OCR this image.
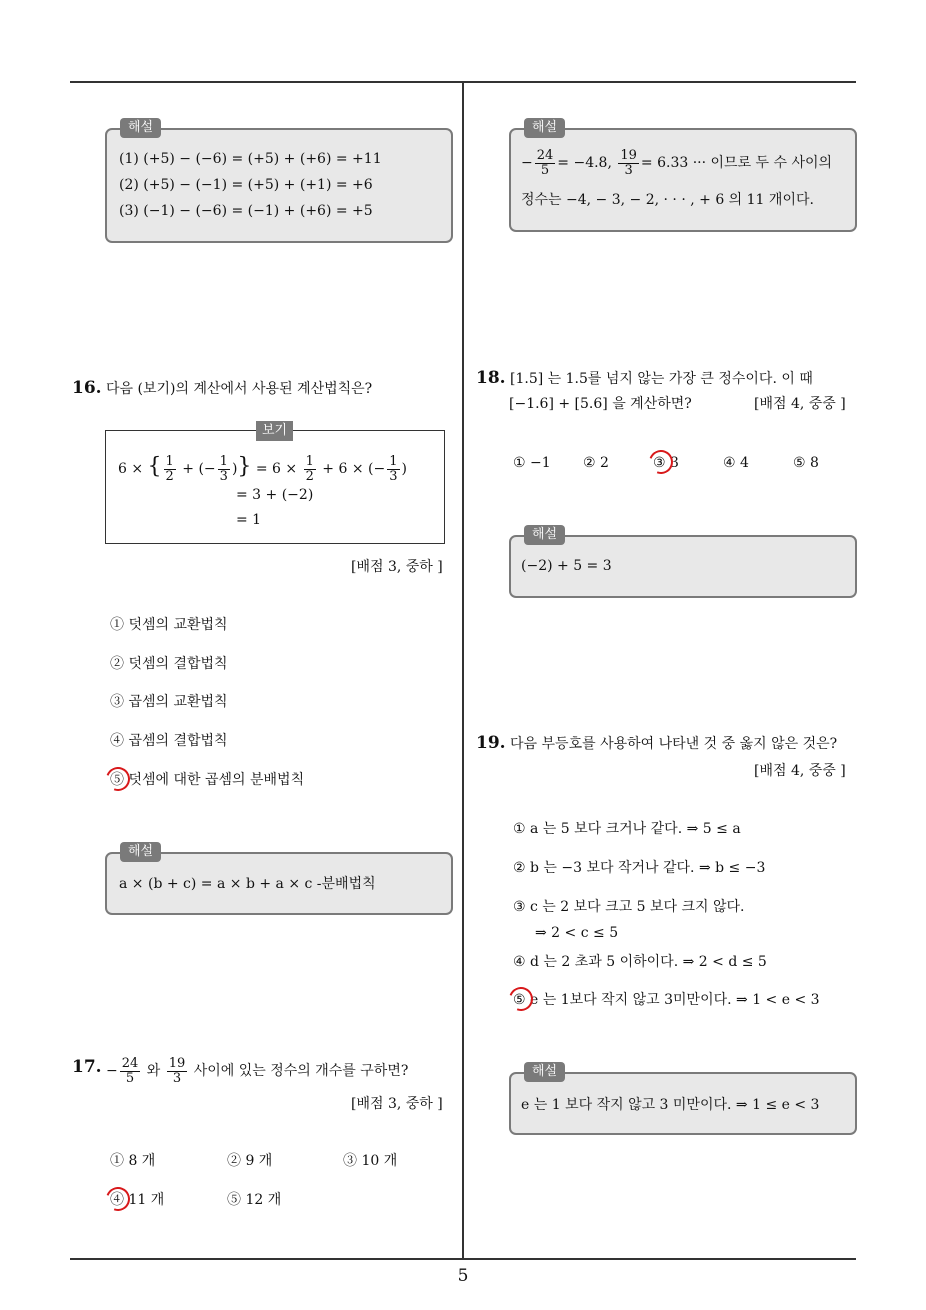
해설
(1) (+5) − (−6) = (+5) + (+6) = +11
(2) (+5) − (−1) = (+5) + (+1) = +6
(3) (−1) − (−6) = (−1) + (+6) = +5
16. 다음 (보기)의 계산에서 사용된 계산법칙은?
보기
6 × { $\frac{1}{2}$ + (− $\frac{1}{3}$ )} = $6 \times \frac{1}{2} + 6$ × (− $\frac{1}{3}$ )
= 3 + (−2)
= 1
[배점 3, 중하 ]
① 덧셈의 교환법칙
② 덧셈의 결합법칙
③ 곱셈의 교환법칙
④ 곱셈의 결합법칙
⑤ 덧셈에 대한 곱셈의 분배법칙
해설
a × (b + c) = a × b + a × c -분배법칙
17. − $\frac{24}{5}$ 와 $\frac{19}{3}$ 사이에 있는 정수의 개수를 구하면?
[배점 3, 중하 ]
① 8 개	② 9 개	③ 10 개
④ 11 개	⑤ 12 개
해설
− $\frac{24}{5} = -4.8$, $\frac{19}{3} = 6.33$ ··· 이므로 두 수 사이의
정수는 −4, − 3, − 2, · · · , + 6 의 11 개이다.
18. [1.5] 는 1.5를 넘지 않는 가장 큰 정수이다. 이 때
[−1.6] + [5.6] 을 계산하면?	[배점 4, 중중 ]
① −1 ② 2	③ 3	④ 4	⑤ 8
해설
(−2) + 5 = 3
19. 다음 부등호를 사용하여 나타낸 것 중 옳지 않은 것은?
[배점 4, 중중 ]
① a 는 5 보다 크거나 같다. ⇒ 5 ≤ a
② b 는 −3 보다 작거나 같다. ⇒ b ≤ −3
③ c 는 2 보다 크고 5 보다 크지 않다.
⇒ 2 < c ≤ 5
④ d 는 2 초과 5 이하이다. ⇒ 2 < d ≤ 5
⑤ e 는 1보다 작지 않고 3미만이다. ⇒ 1 < e < 3
해설
e 는 1 보다 작지 않고 3 미만이다. ⇒ 1 ≤ e < 3
5
